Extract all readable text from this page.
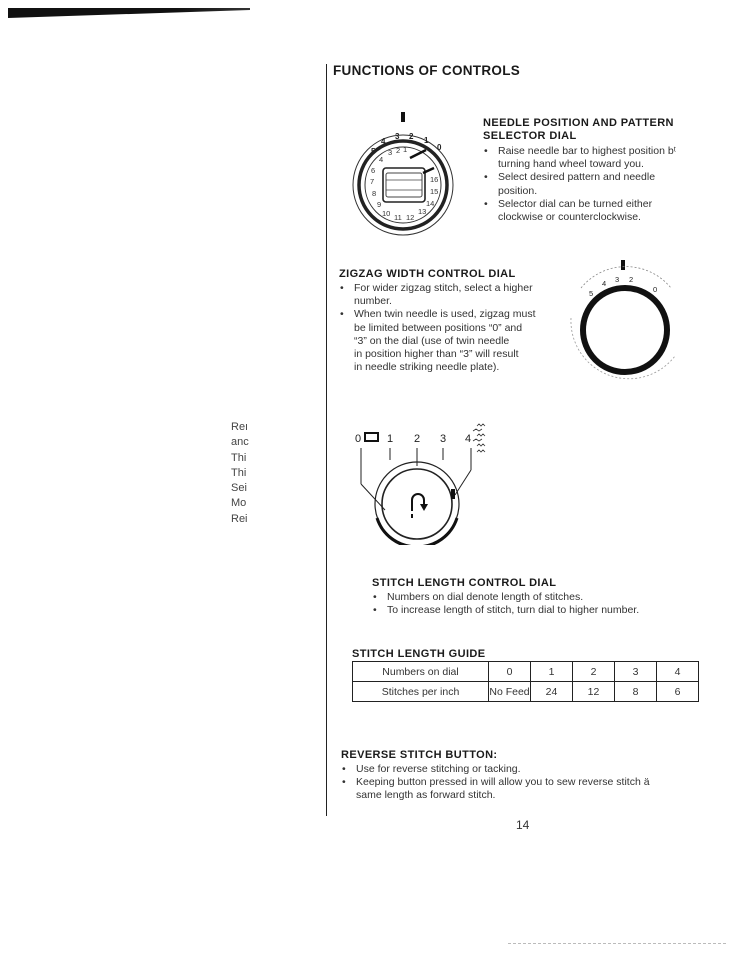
Reı
anc
Thi
Thi
Sei
Mo
Rei
FUNCTIONS OF CONTROLS
5
4
3 2 1
0
4
3 2 1
6
7
8
9
10 11 12
13
14
15
16
NEEDLE POSITION AND PATTERN
SELECTOR DIAL
• Raise needle bar to highest position bᵗ
turning hand wheel toward you.
• Select desired pattern and needle
position.
• Selector dial can be turned either
clockwise or counterclockwise.
ZIGZAG WIDTH CONTROL DIAL
• For wider zigzag stitch, select a higher
number.
• When twin needle is used, zigzag must
be limited between positions “0” and
“3” on the dial (use of twin needle
in position higher than “3” will result
in needle striking needle plate).
5
4 3 2
0
0 1 2 3 4
STITCH LENGTH CONTROL DIAL
• Numbers on dial denote length of stitches.
• To increase length of stitch, turn dial to higher number.
STITCH LENGTH GUIDE
Numbers on dial	0	1	2	3	4
Stitches per inch	No Feed	24	12	8	6
REVERSE STITCH BUTTON:
• Use for reverse stitching or tacking.
• Keeping button pressed in will allow you to sew reverse stitch ä
same length as forward stitch.
14
